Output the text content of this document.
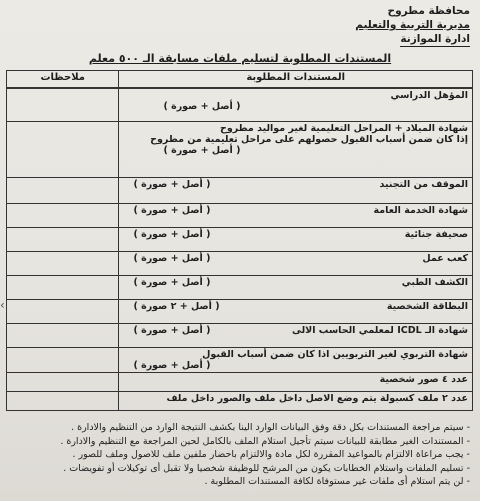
محافظة مطروح
مديرية التربية والتعليم
ادارة الموازنة
المستندات المطلوبة لتسليم ملفات مسابقة الـ ٥٠٠ معلم
المستندات المطلوبة	ملاحظات

المؤهل الدراسي
( أصل + صورة )	

شهادة الميلاد + المراحل التعليمية لغير مواليد مطروح
إذا كان ضمن أسباب القبول حصولهم على مراحل تعليمية من مطروح
( أصل + صورة )	

الموقف من التجنيد
( أصل + صورة )	

شهادة الخدمة العامة
( أصل + صورة )	

صحيفة جنائية
( أصل + صورة )	

كعب عمل
( أصل + صورة )	

الكشف الطبي
( أصل + صورة )	

البطاقة الشخصية
( أصل + ٢ صورة )	

شهادة الـ ICDL لمعلمي الحاسب الالى
( أصل + صورة )	

شهادة التربوي لغير التربويين اذا كان ضمن أسباب القبول
( أصل + صورة )	

عدد ٤ صور شخصية	
عدد ٢ ملف كسبولة يتم وضع الاصل داخل ملف والصور داخل ملف	
- سيتم مراجعة المستندات بكل دقة وفق البيانات الوارد الينا بكشف النتيجة الوارد من التنظيم والادارة .
- المستندات الغير مطابقة للبيانات سيتم تأجيل استلام الملف بالكامل لحين المراجعة مع التنظيم والادارة .
- يجب مراعاة الالتزام بالمواعيد المقررة لكل مادة والالتزام باحضار ملفين ملف للاصول وملف للصور .
- تسليم الملفات واستلام الخطابات يكون من المرشح للوظيفة شخصيا ولا تقبل أى توكيلات أو تفويضات .
- لن يتم استلام أى ملفات غير مستوفاة لكافة المستندات المطلوبة .
‹
